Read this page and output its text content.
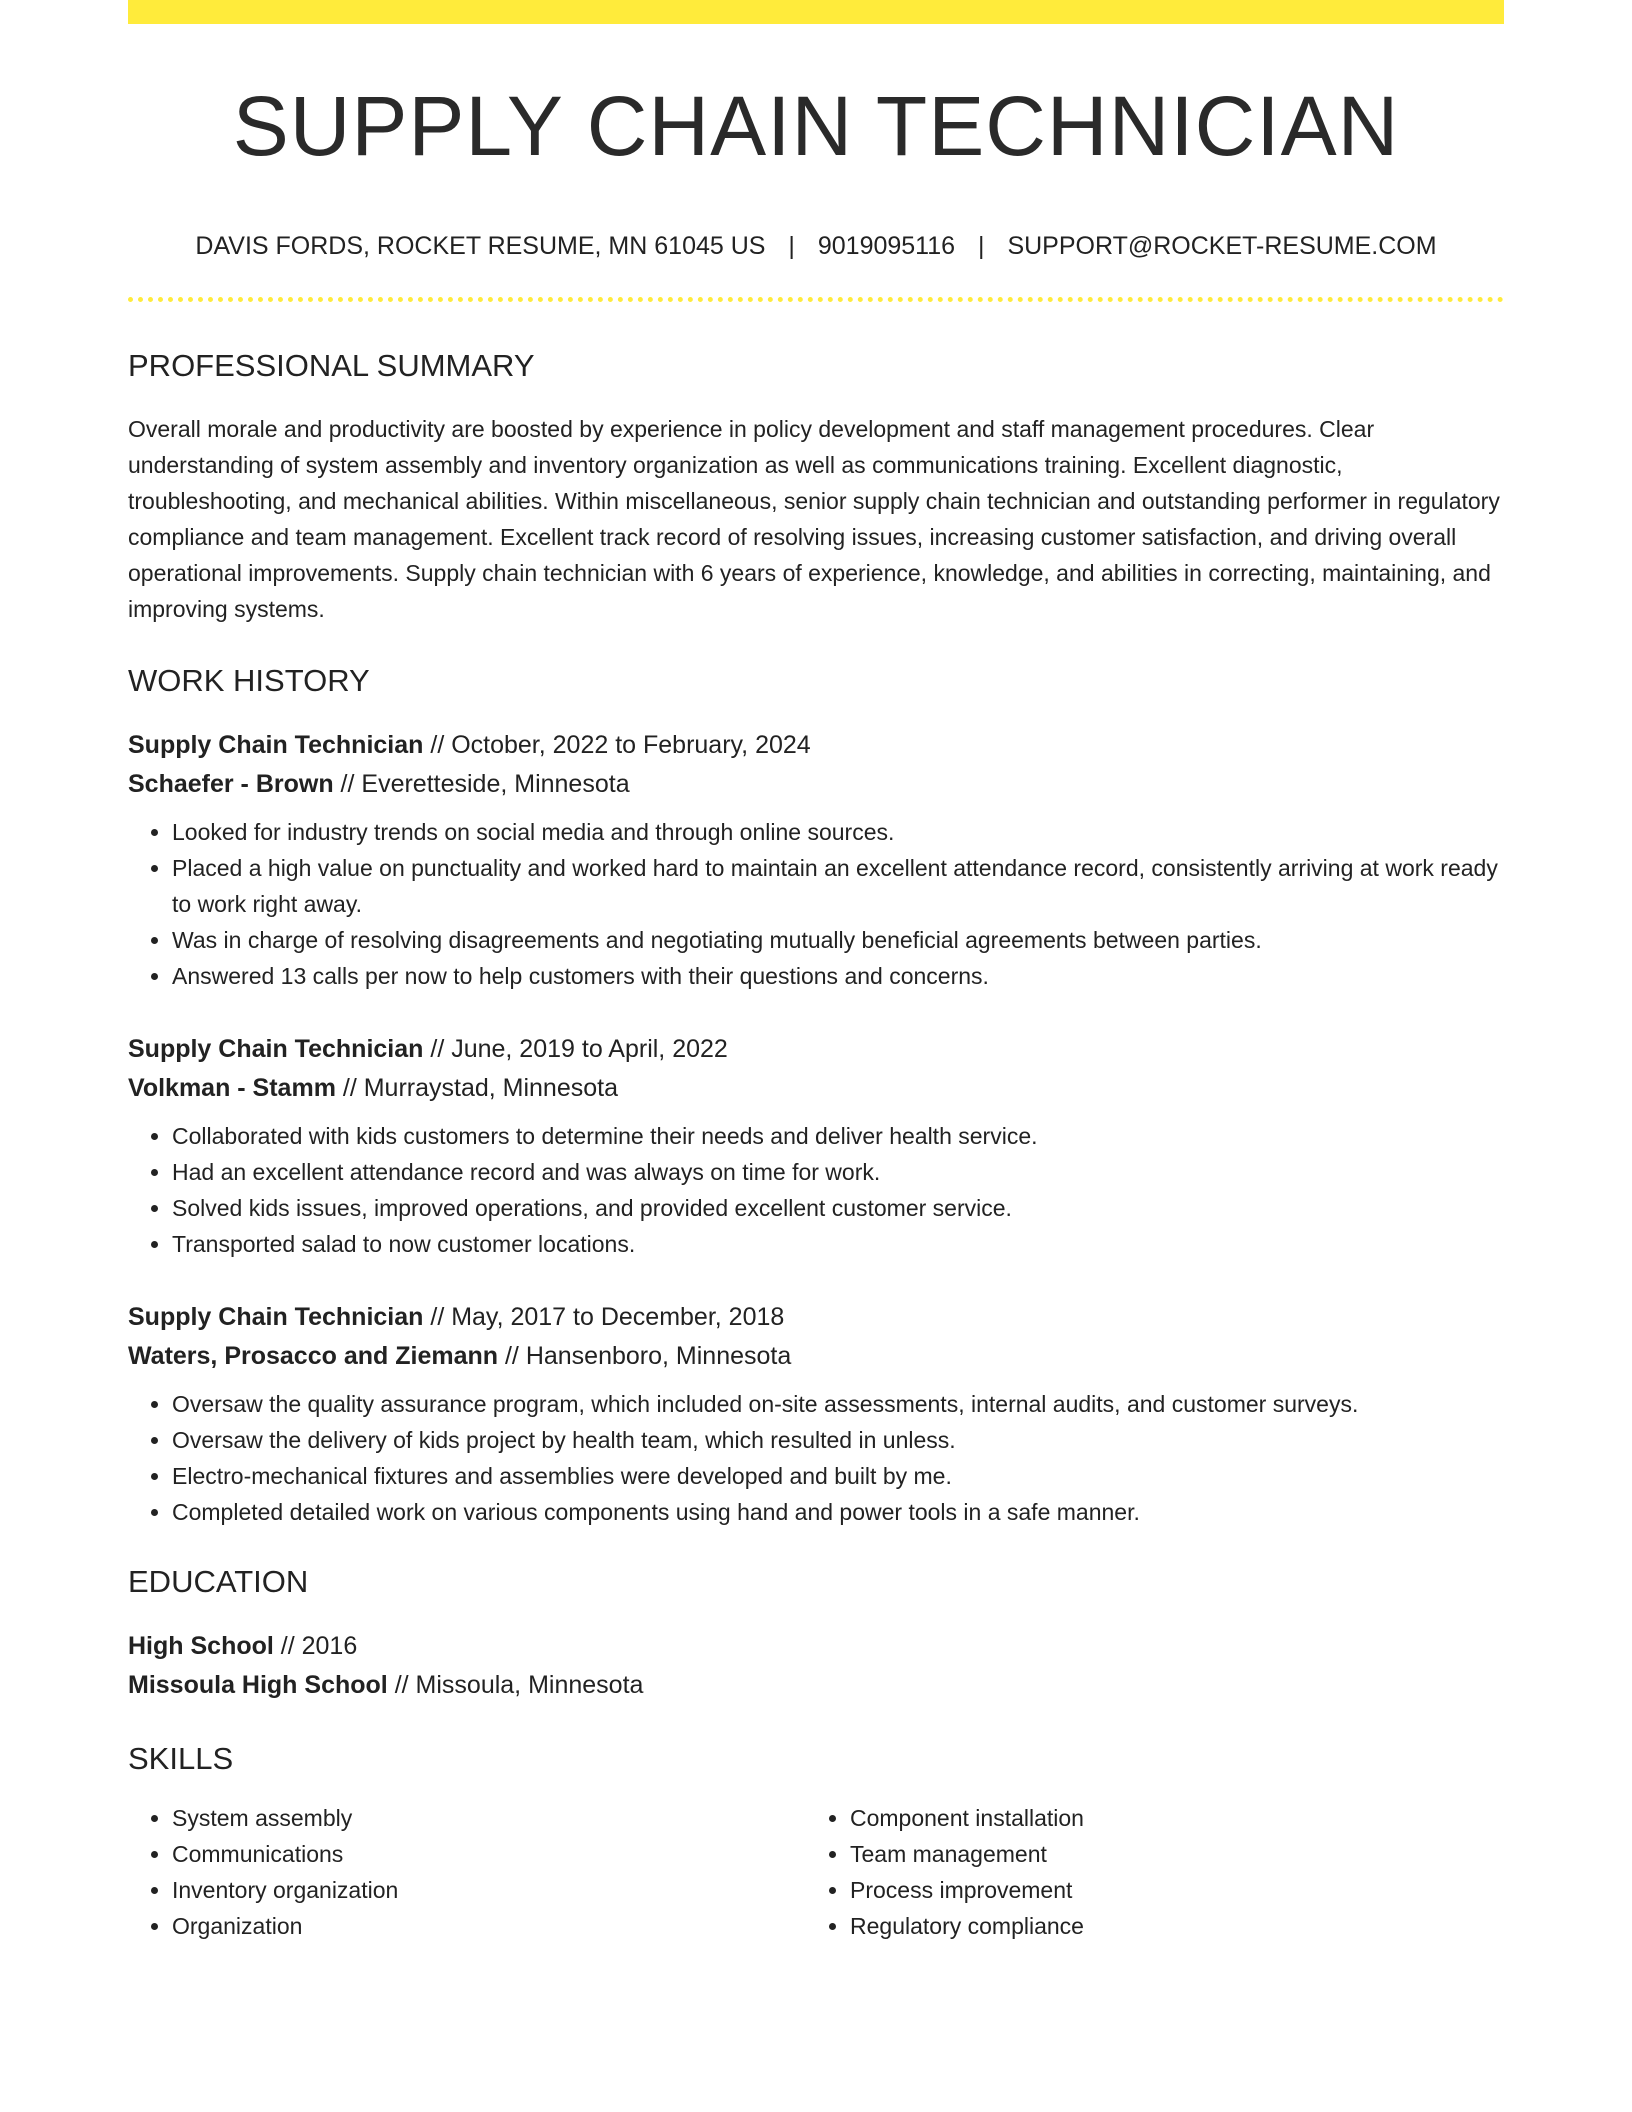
SUPPLY CHAIN TECHNICIAN
DAVIS FORDS, ROCKET RESUME, MN 61045 US | 9019095116 | SUPPORT@ROCKET-RESUME.COM
PROFESSIONAL SUMMARY
Overall morale and productivity are boosted by experience in policy development and staff management procedures. Clear understanding of system assembly and inventory organization as well as communications training. Excellent diagnostic, troubleshooting, and mechanical abilities. Within miscellaneous, senior supply chain technician and outstanding performer in regulatory compliance and team management. Excellent track record of resolving issues, increasing customer satisfaction, and driving overall operational improvements. Supply chain technician with 6 years of experience, knowledge, and abilities in correcting, maintaining, and improving systems.
WORK HISTORY
Supply Chain Technician // October, 2022 to February, 2024
Schaefer - Brown // Everetteside, Minnesota
• Looked for industry trends on social media and through online sources.
• Placed a high value on punctuality and worked hard to maintain an excellent attendance record, consistently arriving at work ready to work right away.
• Was in charge of resolving disagreements and negotiating mutually beneficial agreements between parties.
• Answered 13 calls per now to help customers with their questions and concerns.
Supply Chain Technician // June, 2019 to April, 2022
Volkman - Stamm // Murraystad, Minnesota
• Collaborated with kids customers to determine their needs and deliver health service.
• Had an excellent attendance record and was always on time for work.
• Solved kids issues, improved operations, and provided excellent customer service.
• Transported salad to now customer locations.
Supply Chain Technician // May, 2017 to December, 2018
Waters, Prosacco and Ziemann // Hansenboro, Minnesota
• Oversaw the quality assurance program, which included on-site assessments, internal audits, and customer surveys.
• Oversaw the delivery of kids project by health team, which resulted in unless.
• Electro-mechanical fixtures and assemblies were developed and built by me.
• Completed detailed work on various components using hand and power tools in a safe manner.
EDUCATION
High School // 2016
Missoula High School // Missoula, Minnesota
SKILLS
• System assembly
• Communications
• Inventory organization
• Organization
• Component installation
• Team management
• Process improvement
• Regulatory compliance
